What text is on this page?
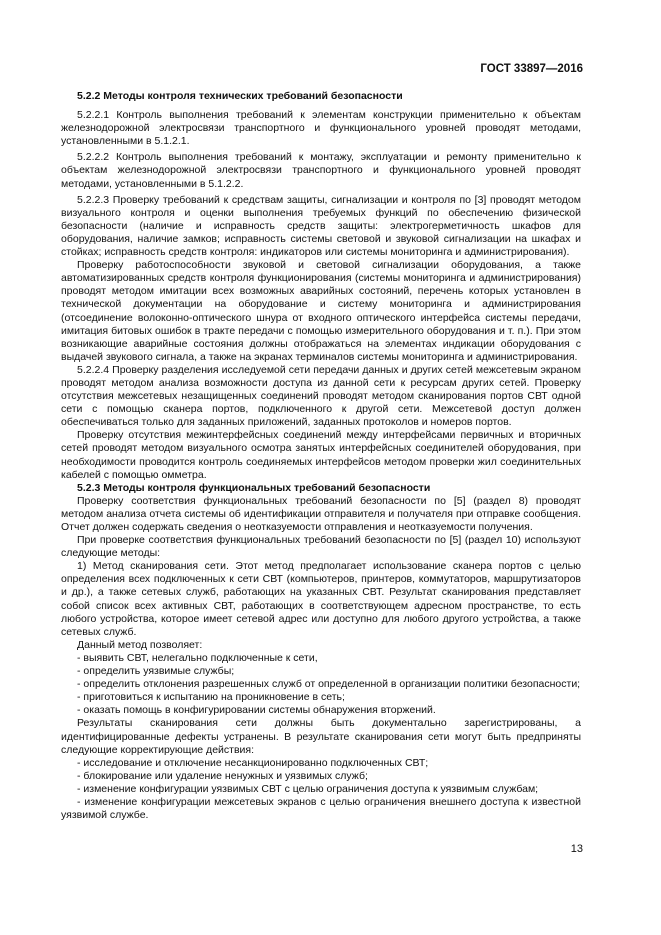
ГОСТ 33897—2016

5.2.2 Методы контроля технических требований безопасности

5.2.2.1 Контроль выполнения требований к элементам конструкции применительно к объектам железнодорожной электросвязи транспортного и функционального уровней проводят методами, установленными в 5.1.2.1.

5.2.2.2 Контроль выполнения требований к монтажу, эксплуатации и ремонту применительно к объектам железнодорожной электросвязи транспортного и функционального уровней проводят методами, установленными в 5.1.2.2.

5.2.2.3 Проверку требований к средствам защиты, сигнализации и контроля по [3] проводят методом визуального контроля и оценки выполнения требуемых функций по обеспечению физической безопасности (наличие и исправность средств защиты: электрогерметичность шкафов для оборудования, наличие замков; исправность системы световой и звуковой сигнализации на шкафах и стойках; исправность средств контроля: индикаторов или системы мониторинга и администрирования).

Проверку работоспособности звуковой и световой сигнализации оборудования, а также автоматизированных средств контроля функционирования (системы мониторинга и администрирования) проводят методом имитации всех возможных аварийных состояний, перечень которых установлен в технической документации на оборудование и систему мониторинга и администрирования (отсоединение волоконно-оптического шнура от входного оптического интерфейса системы передачи, имитация битовых ошибок в тракте передачи с помощью измерительного оборудования и т. п.). При этом возникающие аварийные состояния должны отображаться на элементах индикации оборудования с выдачей звукового сигнала, а также на экранах терминалов системы мониторинга и администрирования.

5.2.2.4 Проверку разделения исследуемой сети передачи данных и других сетей межсетевым экраном проводят методом анализа возможности доступа из данной сети к ресурсам других сетей. Проверку отсутствия межсетевых незащищенных соединений проводят методом сканирования портов СВТ одной сети с помощью сканера портов, подключенного к другой сети. Межсетевой доступ должен обеспечиваться только для заданных приложений, заданных протоколов и номеров портов.

Проверку отсутствия межинтерфейсных соединений между интерфейсами первичных и вторичных сетей проводят методом визуального осмотра занятых интерфейсных соединителей оборудования, при необходимости проводится контроль соединяемых интерфейсов методом проверки жил соединительных кабелей с помощью омметра.

5.2.3 Методы контроля функциональных требований безопасности

Проверку соответствия функциональных требований безопасности по [5] (раздел 8) проводят методом анализа отчета системы об идентификации отправителя и получателя при отправке сообщения. Отчет должен содержать сведения о неотказуемости отправления и неотказуемости получения.

При проверке соответствия функциональных требований безопасности по [5] (раздел 10) используют следующие методы:

1) Метод сканирования сети. Этот метод предполагает использование сканера портов с целью определения всех подключенных к сети СВТ (компьютеров, принтеров, коммутаторов, маршрутизаторов и др.), а также сетевых служб, работающих на указанных СВТ. Результат сканирования представляет собой список всех активных СВТ, работающих в соответствующем адресном пространстве, то есть любого устройства, которое имеет сетевой адрес или доступно для любого другого устройства, а также сетевых служб.

Данный метод позволяет:

- выявить СВТ, нелегально подключенные к сети,

- определить уязвимые службы;

- определить отклонения разрешенных служб от определенной в организации политики безопасности;

- приготовиться к испытанию на проникновение в сеть;

- оказать помощь в конфигурировании системы обнаружения вторжений.

Результаты сканирования сети должны быть документально зарегистрированы, а идентифицированные дефекты устранены. В результате сканирования сети могут быть предприняты следующие корректирующие действия:

- исследование и отключение несанкционированно подключенных СВТ;

- блокирование или удаление ненужных и уязвимых служб;

- изменение конфигурации уязвимых СВТ с целью ограничения доступа к уязвимым службам;

- изменение конфигурации межсетевых экранов с целью ограничения внешнего доступа к известной уязвимой службе.

13
